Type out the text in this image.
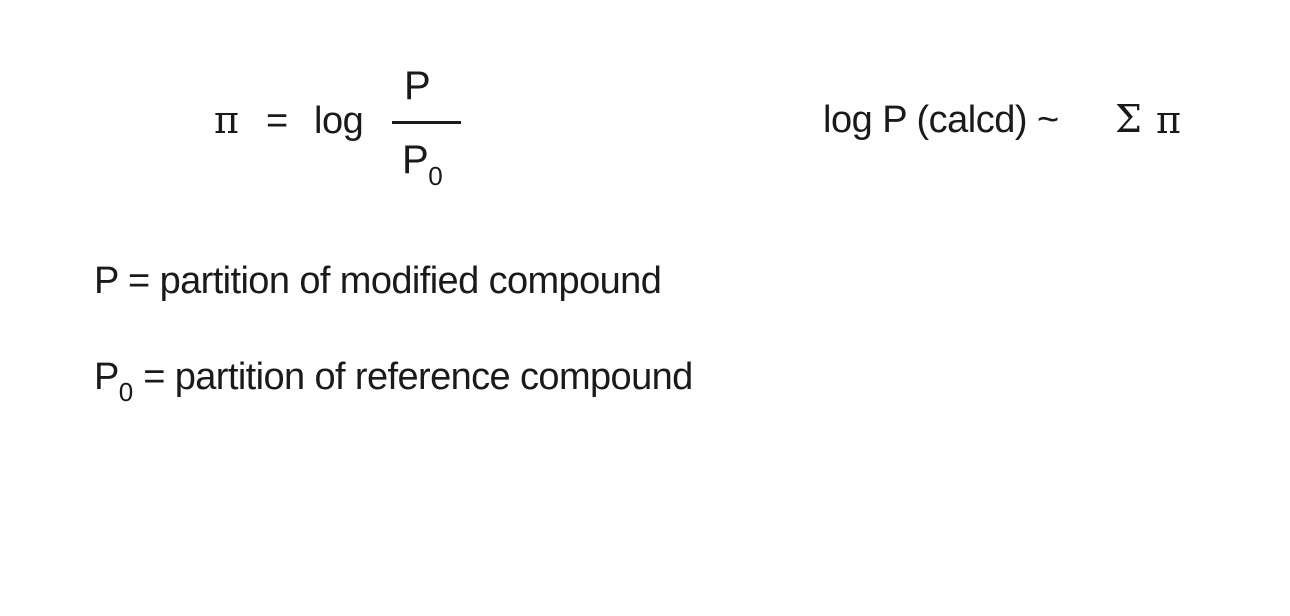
π = log
P
$P_0$
log P (calcd) ~ Σ π
P = partition of modified compound
$P_0$ = partition of reference compound
